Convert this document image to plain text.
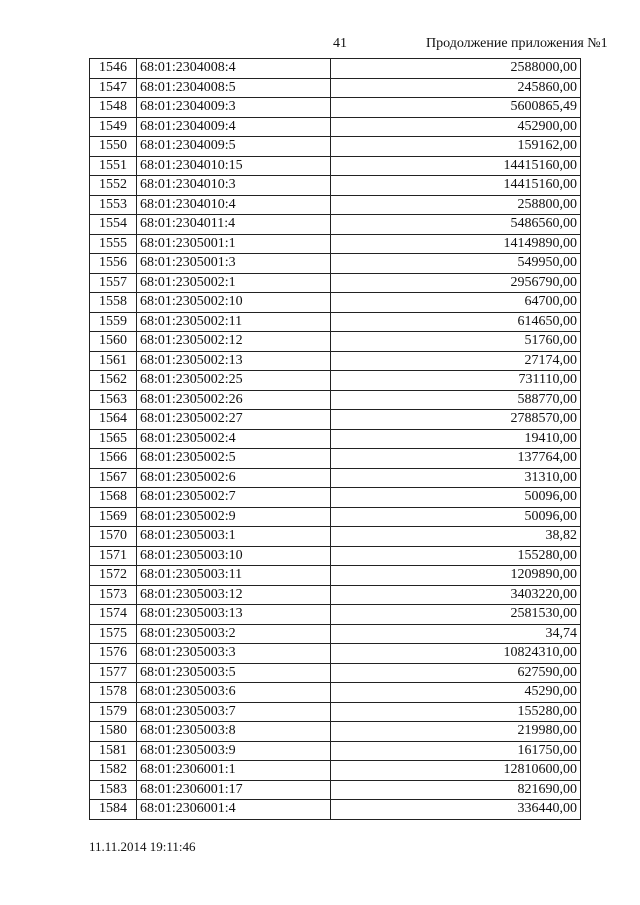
41	Продолжение приложения №1
1546	68:01:2304008:4	2588000,00
1547	68:01:2304008:5	245860,00
1548	68:01:2304009:3	5600865,49
1549	68:01:2304009:4	452900,00
1550	68:01:2304009:5	159162,00
1551	68:01:2304010:15	14415160,00
1552	68:01:2304010:3	14415160,00
1553	68:01:2304010:4	258800,00
1554	68:01:2304011:4	5486560,00
1555	68:01:2305001:1	14149890,00
1556	68:01:2305001:3	549950,00
1557	68:01:2305002:1	2956790,00
1558	68:01:2305002:10	64700,00
1559	68:01:2305002:11	614650,00
1560	68:01:2305002:12	51760,00
1561	68:01:2305002:13	27174,00
1562	68:01:2305002:25	731110,00
1563	68:01:2305002:26	588770,00
1564	68:01:2305002:27	2788570,00
1565	68:01:2305002:4	19410,00
1566	68:01:2305002:5	137764,00
1567	68:01:2305002:6	31310,00
1568	68:01:2305002:7	50096,00
1569	68:01:2305002:9	50096,00
1570	68:01:2305003:1	38,82
1571	68:01:2305003:10	155280,00
1572	68:01:2305003:11	1209890,00
1573	68:01:2305003:12	3403220,00
1574	68:01:2305003:13	2581530,00
1575	68:01:2305003:2	34,74
1576	68:01:2305003:3	10824310,00
1577	68:01:2305003:5	627590,00
1578	68:01:2305003:6	45290,00
1579	68:01:2305003:7	155280,00
1580	68:01:2305003:8	219980,00
1581	68:01:2305003:9	161750,00
1582	68:01:2306001:1	12810600,00
1583	68:01:2306001:17	821690,00
1584	68:01:2306001:4	336440,00
11.11.2014 19:11:46
